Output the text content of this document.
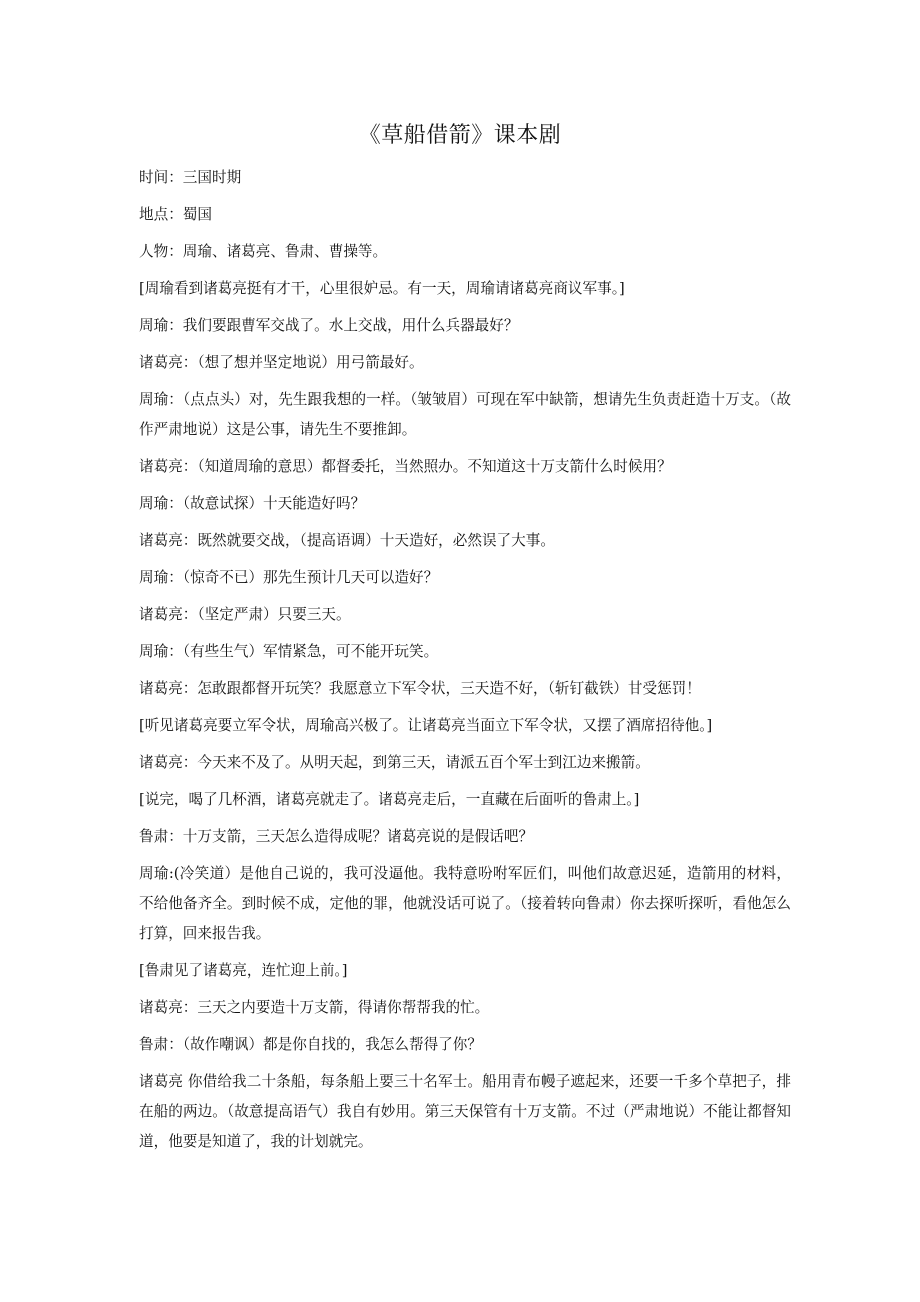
《草船借箭》课本剧

时间：三国时期

地点：蜀国

人物：周瑜、诸葛亮、鲁肃、曹操等。

[周瑜看到诸葛亮挺有才干，心里很妒忌。有一天，周瑜请诸葛亮商议军事。]

周瑜：我们要跟曹军交战了。水上交战，用什么兵器最好？

诸葛亮：（想了想并坚定地说）用弓箭最好。

周瑜：（点点头）对，先生跟我想的一样。（皱皱眉）可现在军中缺箭，想请先生负责赶造十万支。（故作严肃地说）这是公事，请先生不要推卸。

诸葛亮：（知道周瑜的意思）都督委托，当然照办。不知道这十万支箭什么时候用？

周瑜：（故意试探）十天能造好吗？

诸葛亮：既然就要交战，（提高语调）十天造好，必然误了大事。

周瑜：（惊奇不已）那先生预计几天可以造好？

诸葛亮：（坚定严肃）只要三天。

周瑜：（有些生气）军情紧急，可不能开玩笑。

诸葛亮：怎敢跟都督开玩笑？我愿意立下军令状，三天造不好，（斩钉截铁）甘受惩罚！

[听见诸葛亮要立军令状，周瑜高兴极了。让诸葛亮当面立下军令状，又摆了酒席招待他。]

诸葛亮：今天来不及了。从明天起，到第三天，请派五百个军士到江边来搬箭。

[说完，喝了几杯酒，诸葛亮就走了。诸葛亮走后，一直藏在后面听的鲁肃上。]

鲁肃：十万支箭，三天怎么造得成呢？诸葛亮说的是假话吧？

周瑜:(冷笑道）是他自己说的，我可没逼他。我特意吩咐军匠们，叫他们故意迟延，造箭用的材料，不给他备齐全。到时候不成，定他的罪，他就没话可说了。（接着转向鲁肃）你去探听探听，看他怎么打算，回来报告我。

[鲁肃见了诸葛亮，连忙迎上前。]

诸葛亮：三天之内要造十万支箭，得请你帮帮我的忙。

鲁肃：（故作嘲讽）都是你自找的，我怎么帮得了你？

诸葛亮 你借给我二十条船，每条船上要三十名军士。船用青布幔子遮起来，还要一千多个草把子，排在船的两边。（故意提高语气）我自有妙用。第三天保管有十万支箭。不过（严肃地说）不能让都督知道，他要是知道了，我的计划就完。
